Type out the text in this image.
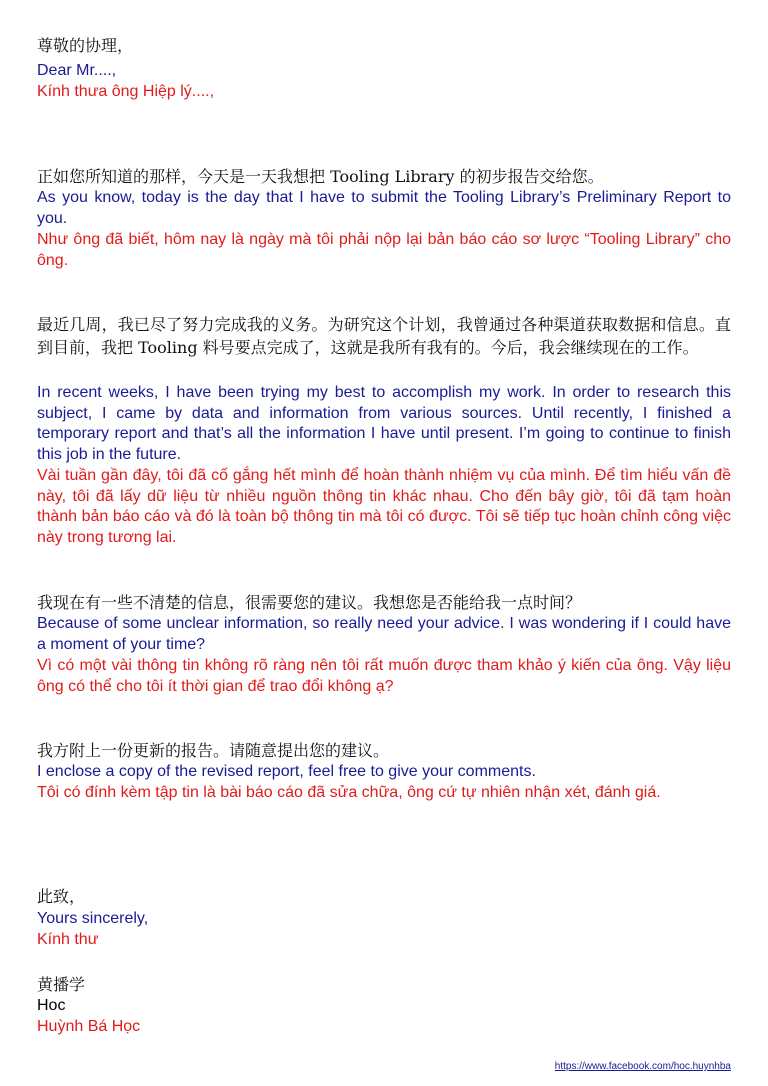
尊敬的协理，

Dear Mr....,

Kính thưa ông Hiệp lý....,

正如您所知道的那样，今天是一天我想把 Tooling Library 的初步报告交给您。

As you know, today is the day that I have to submit the Tooling Library’s Preliminary Report to you.

Như ông đã biết, hôm nay là ngày mà tôi phải nộp lại bản báo cáo sơ lược “Tooling Library” cho ông.

最近几周，我已尽了努力完成我的义务。为研究这个计划，我曾通过各种渠道获取数据和信息。直到目前，我把 Tooling 料号要点完成了，这就是我所有我有的。今后，我会继续现在的工作。

In recent weeks, I have been trying my best to accomplish my work. In order to research this subject, I came by data and information from various sources. Until recently, I finished a temporary report and that’s all the information I have until present. I’m going to continue to finish this job in the future.

Vài tuần gần đây, tôi đã cố gắng hết mình để hoàn thành nhiệm vụ của mình. Để tìm hiểu vấn đề này, tôi đã lấy dữ liệu từ nhiều nguồn thông tin khác nhau. Cho đến bây giờ, tôi đã tạm hoàn thành bản báo cáo và đó là toàn bộ thông tin mà tôi có được. Tôi sẽ tiếp tục hoàn chỉnh công việc này trong tương lai.

我现在有一些不清楚的信息，很需要您的建议。我想您是否能给我一点时间？

Because of some unclear information, so really need your advice. I was wondering if I could have a moment of your time?

Vì có một vài thông tin không rõ ràng nên tôi rất muốn được tham khảo ý kiến của ông. Vậy liệu ông có thể cho tôi ít thời gian để trao đổi không ạ?

我方附上一份更新的报告。请随意提出您的建议。

I enclose a copy of the revised report, feel free to give your comments.

Tôi có đính kèm tập tin là bài báo cáo đã sửa chữa, ông cứ tự nhiên nhận xét, đánh giá.

此致，

Yours sincerely,

Kính thư

黄播学

Hoc

Huỳnh Bá Học

https://www.facebook.com/hoc.huynhba
